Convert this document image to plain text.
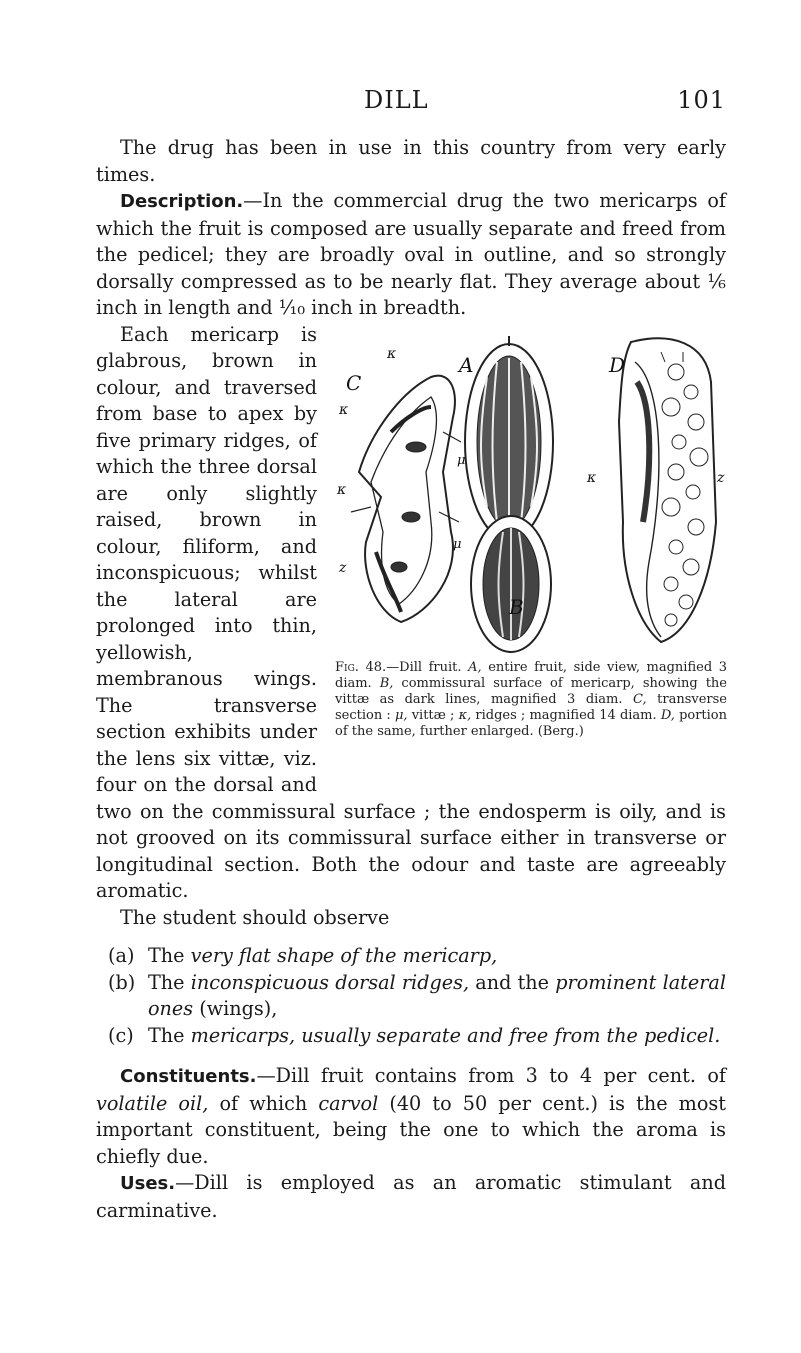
DILL	101

The drug has been in use in this country from very early times.

Description.—In the commercial drug the two mericarps of which the fruit is composed are usually separate and freed from the pedicel; they are broadly oval in outline, and so strongly dorsally compressed as to be nearly flat. They average about ⅙ inch in length and ⅒ inch in breadth.

A
B
C
D
κ
κ
κ
κ
μ
μ
z
z
Fig. 48.—Dill fruit. A, entire fruit, side view, magnified 3 diam. B, commissural surface of mericarp, showing the vittæ as dark lines, magnified 3 diam. C, transverse section : μ, vittæ ; κ, ridges ; magnified 14 diam. D, portion of the same, further enlarged. (Berg.)

Each mericarp is glabrous, brown in colour, and traversed from base to apex by five primary ridges, of which the three dorsal are only slightly raised, brown in colour, filiform, and inconspicuous; whilst the lateral are prolonged into thin, yellowish, membranous wings. The transverse section exhibits under the lens six vittæ, viz. four on the dorsal and two on the commissural surface ; the endosperm is oily, and is not grooved on its commissural surface either in transverse or longitudinal section. Both the odour and taste are agreeably aromatic.

The student should observe

(a) The very flat shape of the mericarp,
(b) The inconspicuous dorsal ridges, and the prominent lateral ones (wings),
(c) The mericarps, usually separate and free from the pedicel.

Constituents.—Dill fruit contains from 3 to 4 per cent. of volatile oil, of which carvol (40 to 50 per cent.) is the most important constituent, being the one to which the aroma is chiefly due.

Uses.—Dill is employed as an aromatic stimulant and carminative.
